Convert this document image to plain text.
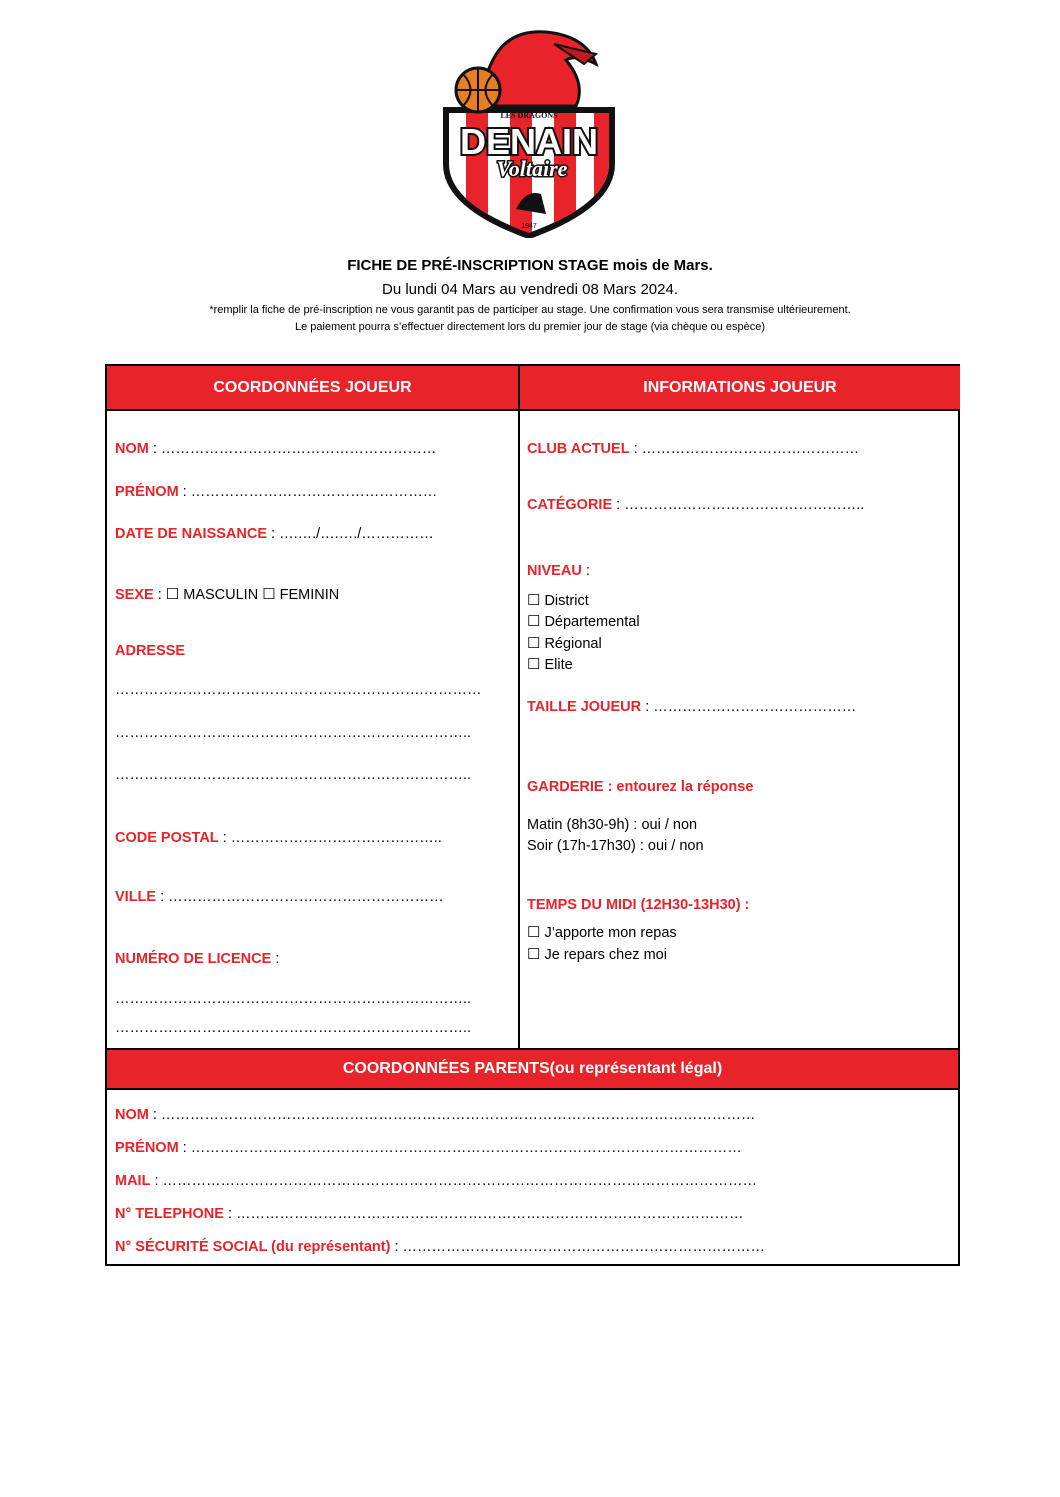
LES DRAGONS
DENAIN
Voltaire
1947
FICHE DE PRÉ-INSCRIPTION STAGE mois de Mars.
Du lundi 04 Mars au vendredi 08 Mars 2024.
*remplir la fiche de pré-inscription ne vous garantit pas de participer au stage. Une confirmation vous sera transmise ultérieurement.
Le paiement pourra s’effectuer directement lors du premier jour de stage (via chèque ou espèce)
COORDONNÉES JOUEUR	INFORMATIONS JOUEUR
NOM : …………………………………………………
PRÉNOM : ……………………………………………
DATE DE NAISSANCE : ….…./….…./……………
SEXE : ☐ MASCULIN ☐ FEMININ
ADRESSE
……………………………………………………….…………
………………………………………………………………..
………………………………………………………………..
CODE POSTAL : ……………………………………..
VILLE : …………………………………………………
NUMÉRO DE LICENCE :
………………………………………………………………..
………………………………………………………………..
CLUB ACTUEL : ………………………………………
CATÉGORIE : …………………………………………..
NIVEAU :
☐ District
☐ Départemental
☐ Régional
☐ Elite
TAILLE JOUEUR : ……………………………………
GARDERIE : entourez la réponse
Matin (8h30-9h) : oui / non
Soir (17h-17h30) : oui / non
TEMPS DU MIDI (12H30-13H30) :
☐ J’apporte mon repas
☐ Je repars chez moi
COORDONNÉES PARENTS (ou représentant légal)
NOM : ……………………………………………………………………………………………………………
PRÉNOM : ……………………………………………………………………………………………………
MAIL : ……………………………………………………………………………………………………………
N° TELEPHONE : ……………………………………………………………………………………………
N° SÉCURITÉ SOCIAL (du représentant) : …………………………………………………………………
